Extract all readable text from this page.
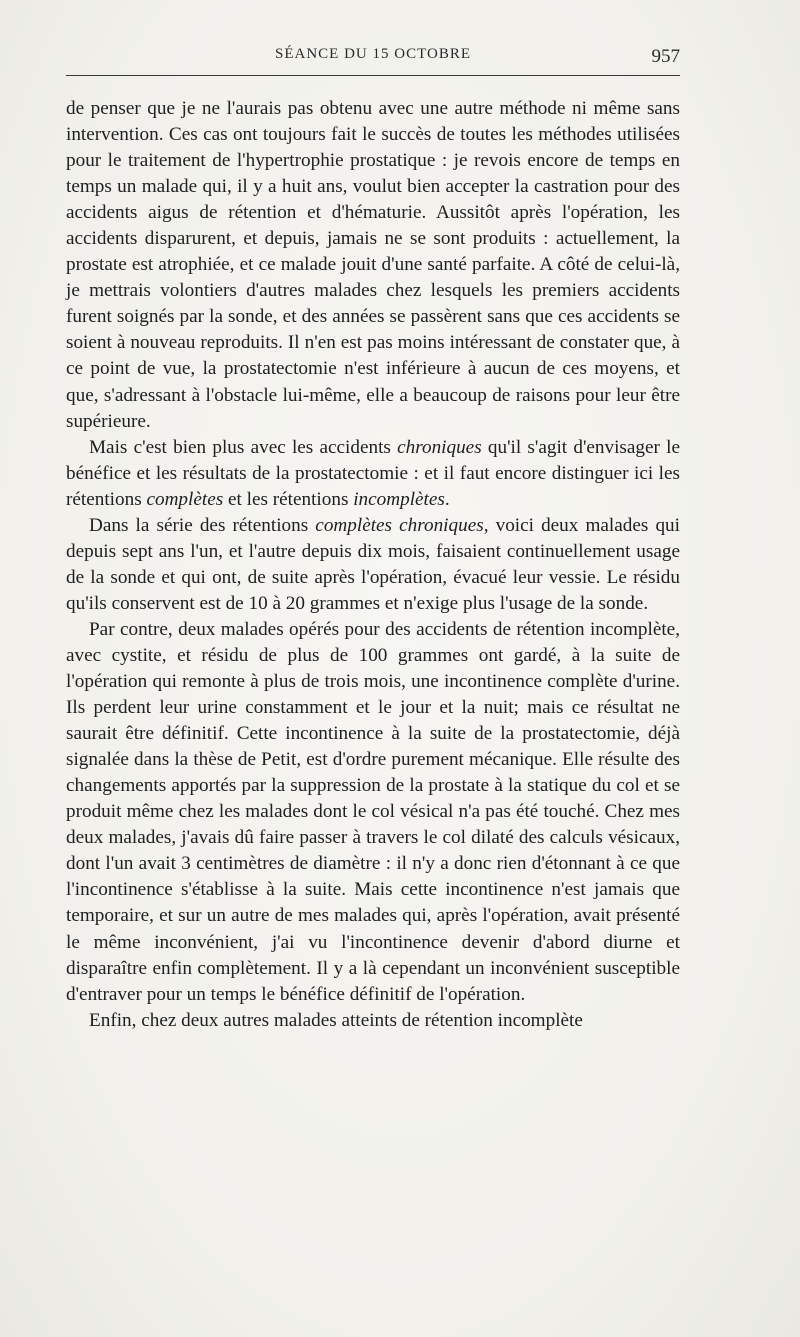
SÉANCE DU 15 OCTOBRE	957

de penser que je ne l'aurais pas obtenu avec une autre méthode ni même sans intervention. Ces cas ont toujours fait le succès de toutes les méthodes utilisées pour le traitement de l'hypertrophie prostatique : je revois encore de temps en temps un malade qui, il y a huit ans, voulut bien accepter la castration pour des accidents aigus de rétention et d'hématurie. Aussitôt après l'opération, les accidents disparurent, et depuis, jamais ne se sont produits : actuellement, la prostate est atrophiée, et ce malade jouit d'une santé parfaite. A côté de celui-là, je mettrais volontiers d'autres malades chez lesquels les premiers accidents furent soignés par la sonde, et des années se passèrent sans que ces accidents se soient à nouveau reproduits. Il n'en est pas moins intéressant de constater que, à ce point de vue, la prostatectomie n'est inférieure à aucun de ces moyens, et que, s'adressant à l'obstacle lui-même, elle a beaucoup de raisons pour leur être supérieure.

Mais c'est bien plus avec les accidents chroniques qu'il s'agit d'envisager le bénéfice et les résultats de la prostatectomie : et il faut encore distinguer ici les rétentions complètes et les rétentions incomplètes.

Dans la série des rétentions complètes chroniques, voici deux malades qui depuis sept ans l'un, et l'autre depuis dix mois, faisaient continuellement usage de la sonde et qui ont, de suite après l'opération, évacué leur vessie. Le résidu qu'ils conservent est de 10 à 20 grammes et n'exige plus l'usage de la sonde.

Par contre, deux malades opérés pour des accidents de rétention incomplète, avec cystite, et résidu de plus de 100 grammes ont gardé, à la suite de l'opération qui remonte à plus de trois mois, une incontinence complète d'urine. Ils perdent leur urine constamment et le jour et la nuit; mais ce résultat ne saurait être définitif. Cette incontinence à la suite de la prostatectomie, déjà signalée dans la thèse de Petit, est d'ordre purement mécanique. Elle résulte des changements apportés par la suppression de la prostate à la statique du col et se produit même chez les malades dont le col vésical n'a pas été touché. Chez mes deux malades, j'avais dû faire passer à travers le col dilaté des calculs vésicaux, dont l'un avait 3 centimètres de diamètre : il n'y a donc rien d'étonnant à ce que l'incontinence s'établisse à la suite. Mais cette incontinence n'est jamais que temporaire, et sur un autre de mes malades qui, après l'opération, avait présenté le même inconvénient, j'ai vu l'incontinence devenir d'abord diurne et disparaître enfin complètement. Il y a là cependant un inconvénient susceptible d'entraver pour un temps le bénéfice définitif de l'opération.

Enfin, chez deux autres malades atteints de rétention incomplète
